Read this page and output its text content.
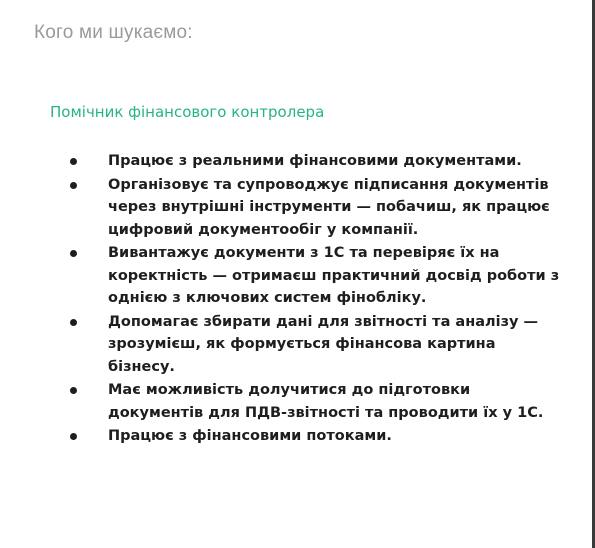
Кого ми шукаємо:
Помічник фінансового контролера
Працює з реальними фінансовими документами.
Організовує та супроводжує підписання документів через внутрішні інструменти — побачиш, як працює цифровий документообіг у компанії.
Вивантажує документи з 1С та перевіряє їх на коректність — отримаєш практичний досвід роботи з однією з ключових систем фінобліку.
Допомагає збирати дані для звітності та аналізу — зрозумієш, як формується фінансова картина бізнесу.
Має можливість долучитися до підготовки документів для ПДВ-звітності та проводити їх у 1С.
Працює з фінансовими потоками.
